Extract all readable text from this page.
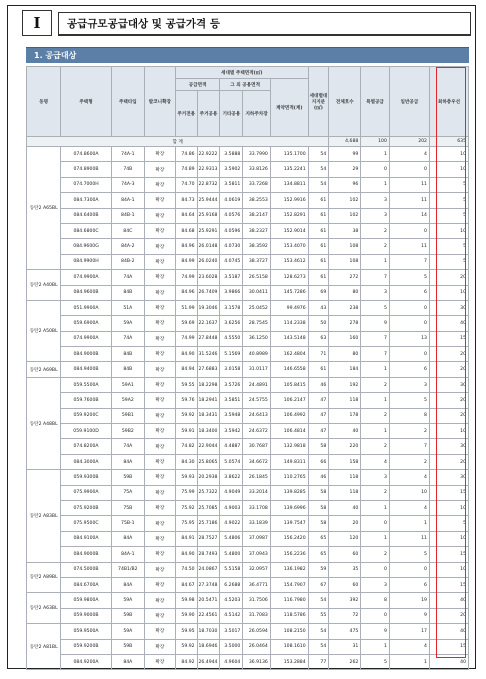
I	공급규모공급대상 및 공급가격 등
1. 공급대상
동명	주택형	주택타입	발코니확장	세대별 주택면적(㎡)					세대별대지지분(㎡)	전체호수	특별공급	일반공급	최하층우선
				공급면적		그 외 공용면적		계약면적(계)					
				주거전용	주거공용	기타공용	지하주차장						
합 계										4,688	100	202	635
동탄2 A65BL	074.8600A	74A-1	확장	74.86	22.9222	3.5888	33.7990	135.1700	54	99	1	4	10
	074.8900B	74B	확장	74.89	22.9313	3.5902	33.8126	135.2241	54	29	0	0	10
	074.7000H	74A-3	확장	74.70	22.8732	3.5811	33.7268	134.8811	54	96	1	11	5
	084.7300A	84A-1	확장	84.73	25.9444	4.0619	38.2553	152.9916	61	102	3	11	5
	084.6400B	84B-1	확장	84.64	25.9168	4.0576	38.2147	152.8291	61	102	3	14	5
	084.6800C	84C	확장	84.68	25.9291	4.0596	38.2327	152.9014	61	38	2	0	10
	084.9600G	84A-2	확장	84.96	26.0148	4.0730	38.3592	153.4070	61	108	2	11	5
	084.9900H	84B-2	확장	84.99	26.0240	4.0745	38.3727	153.4612	61	108	1	7	5
동탄2 A40BL	074.9900A	74A	확장	74.99	23.6028	3.5187	26.5158	128.6273	61	272	7	5	20
	084.9600B	84B	확장	84.96	26.7409	3.9866	30.0411	145.7286	69	80	3	6	10
동탄2 A50BL	051.9900A	51A	확장	51.99	19.3046	3.1578	25.0452	99.4976	43	238	5	0	30
	059.6900A	59A	확장	59.69	22.1637	3.6256	28.7545	114.2338	50	278	9	0	40
	074.9900A	74A	확장	74.99	27.8448	4.5550	36.1250	143.5148	63	160	7	13	15
	084.9000B	84B	확장	84.90	31.5246	5.1569	40.8989	162.4804	71	80	7	0	20
동탄2 A69BL	084.9400B	84B	확장	84.94	27.6883	3.0158	31.0117	146.6558	61	184	1	6	20
동탄2 A48BL	059.5500A	59A1	확장	59.55	18.2298	3.5726	24.4891	105.8415	46	192	2	3	30
	059.7600B	59A2	확장	59.76	18.2941	3.5851	24.5755	106.2147	47	118	1	5	20
	059.9200C	59B1	확장	59.92	18.3431	3.5948	24.6413	106.4992	47	178	2	8	20
	059.9100D	59B2	확장	59.91	18.3400	3.5942	24.6372	106.4814	47	40	1	2	10
	074.8200A	74A	확장	74.82	22.9044	4.4887	30.7687	132.9818	58	220	2	7	30
	084.3000A	84A	확장	84.30	25.8065	5.0574	34.6672	149.8311	66	158	4	2	20
동탄2 A83BL	059.9300B	59B	확장	59.93	20.2938	3.8622	26.1845	110.2765	46	118	3	4	30
	075.9900A	75A	확장	75.99	25.7322	4.9049	33.2014	139.8285	58	118	2	10	15
	075.9200B	75B	확장	75.92	25.7085	4.9003	33.1708	139.6996	58	40	1	4	10
	075.9500C	75B-1	확장	75.95	25.7186	4.9022	33.1839	139.7547	58	20	0	1	5
	084.9100A	84A	확장	84.91	28.7527	5.4806	37.0987	156.2420	65	120	1	11	10
	084.9000B	84A-1	확장	84.90	28.7493	5.4800	37.0943	156.2236	65	60	2	5	15
동탄2 A89BL	074.5000B	74B1/B2	확장	74.50	24.0867	5.5158	32.0957	136.1982	59	35	0	0	10
	084.6700A	84A	확장	84.67	27.3748	6.2688	36.4771	154.7907	67	60	3	6	15
동탄2 A63BL	059.9800A	59A	확장	59.98	20.5471	4.5203	31.7506	116.7980	54	392	8	19	40
	059.9000B	59B	확장	59.90	22.4561	4.5142	31.7083	118.5786	55	72	0	9	20
동탄2 A81BL	059.9500A	59A	확장	59.95	18.7030	3.5017	26.0594	108.2150	54	475	9	17	40
	059.9200B	59B	확장	59.92	18.6946	3.5000	26.0464	108.1610	54	31	1	4	15
	084.9200A	84A	확장	84.92	26.4944	4.9604	36.9136	153.2884	77	262	5	1	40
